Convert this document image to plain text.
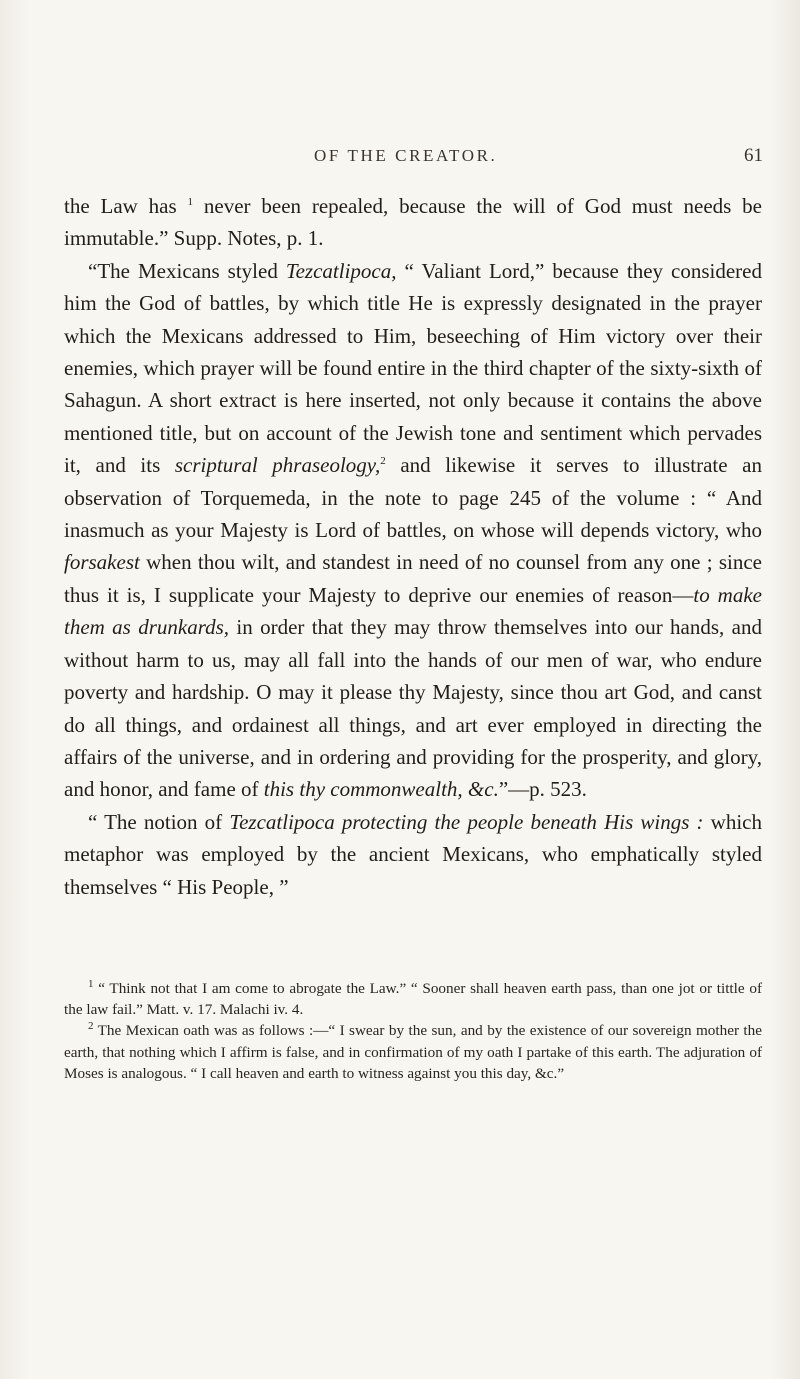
OF THE CREATOR.	61

the Law has $^1$ never been repealed, because the will of God must needs be immutable.” Supp. Notes, p. 1.

“The Mexicans styled Tezcatlipoca, “ Valiant Lord,” because they considered him the God of battles, by which title He is expressly designated in the prayer which the Mexicans addressed to Him, beseeching of Him victory over their enemies, which prayer will be found entire in the third chapter of the sixty-sixth of Sahagun. A short extract is here inserted, not only because it contains the above mentioned title, but on account of the Jewish tone and sentiment which pervades it, and its scriptural phraseology,$^2$ and likewise it serves to illustrate an observation of Torquemeda, in the note to page 245 of the volume : “ And inasmuch as your Majesty is Lord of battles, on whose will depends victory, who forsakest when thou wilt, and standest in need of no counsel from any one ; since thus it is, I supplicate your Majesty to deprive our enemies of reason—to make them as drunkards, in order that they may throw themselves into our hands, and without harm to us, may all fall into the hands of our men of war, who endure poverty and hardship. O may it please thy Majesty, since thou art God, and canst do all things, and ordainest all things, and art ever employed in directing the affairs of the universe, and in ordering and providing for the prosperity, and glory, and honor, and fame of this thy commonwealth, &c.”—p. 523.

“ The notion of Tezcatlipoca protecting the people beneath His wings : which metaphor was employed by the ancient Mexicans, who emphatically styled themselves “ His People, ”

$^1$ “ Think not that I am come to abrogate the Law.” “ Sooner shall heaven earth pass, than one jot or tittle of the law fail.” Matt. v. 17. Malachi iv. 4.

$^2$ The Mexican oath was as follows :—“ I swear by the sun, and by the existence of our sovereign mother the earth, that nothing which I affirm is false, and in confirmation of my oath I partake of this earth. The adjuration of Moses is analogous. “ I call heaven and earth to witness against you this day, &c.”
